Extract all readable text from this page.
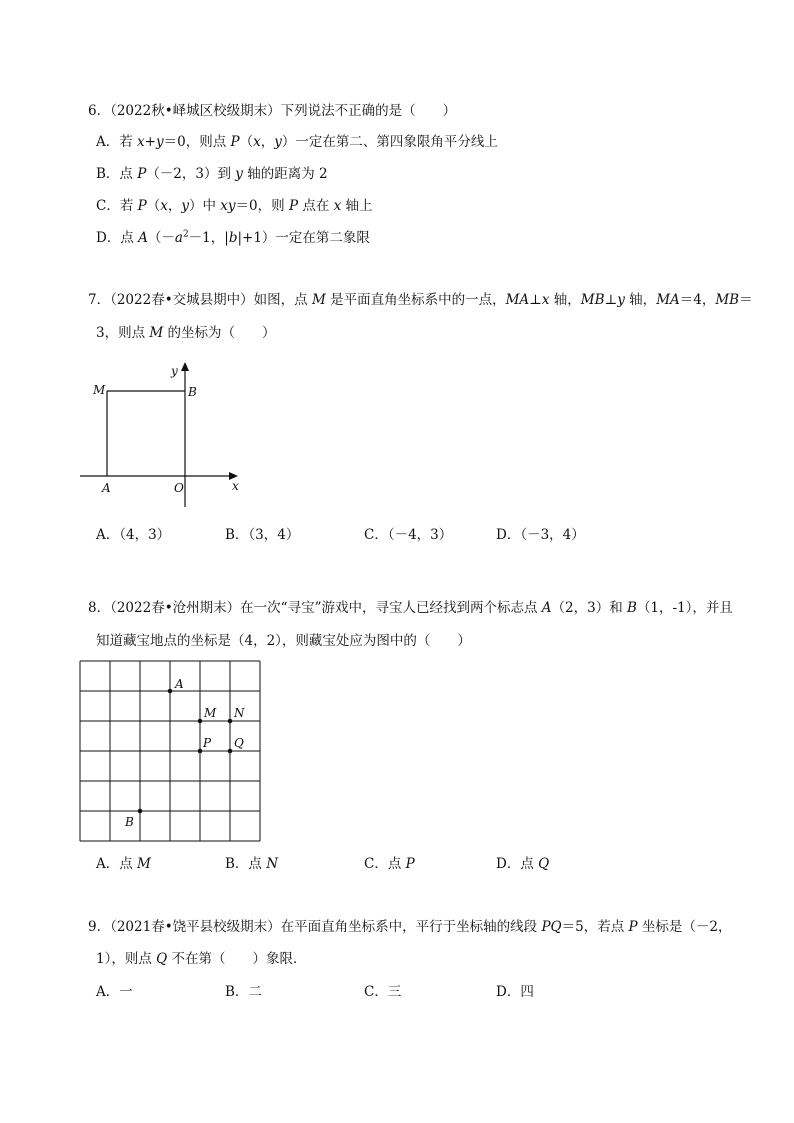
6．（2022秋•峄城区校级期末）下列说法不正确的是（　　）
A．若 x+y＝0，则点 P（x，y）一定在第二、第四象限角平分线上
B．点 P（－2，3）到 y 轴的距离为 2
C．若 P（x，y）中 xy＝0，则 P 点在 x 轴上
D．点 $A(-a^2-1$，|b|+1）一定在第二象限
7．（2022春•交城县期中）如图，点 M 是平面直角坐标系中的一点，MA⊥x 轴，MB⊥y 轴，MA＝4，MB＝
3，则点 M 的坐标为（　　）
M	B
y
A	O	x
A．（4，3）	B．（3，4）	C．（－4，3）	D．（－3，4）
8．（2022春•沧州期末）在一次“寻宝”游戏中，寻宝人已经找到两个标志点 A（2，3）和 B（1，-1），并且
知道藏宝地点的坐标是（4，2），则藏宝处应为图中的（　　）
A
M N
P Q
B
A．点 M	B．点 N	C．点 P	D．点 Q
9．（2021春•饶平县校级期末）在平面直角坐标系中，平行于坐标轴的线段 PQ＝5，若点 P 坐标是（－2，
1），则点 Q 不在第（　　）象限．
A．一	B．二	C．三	D．四
